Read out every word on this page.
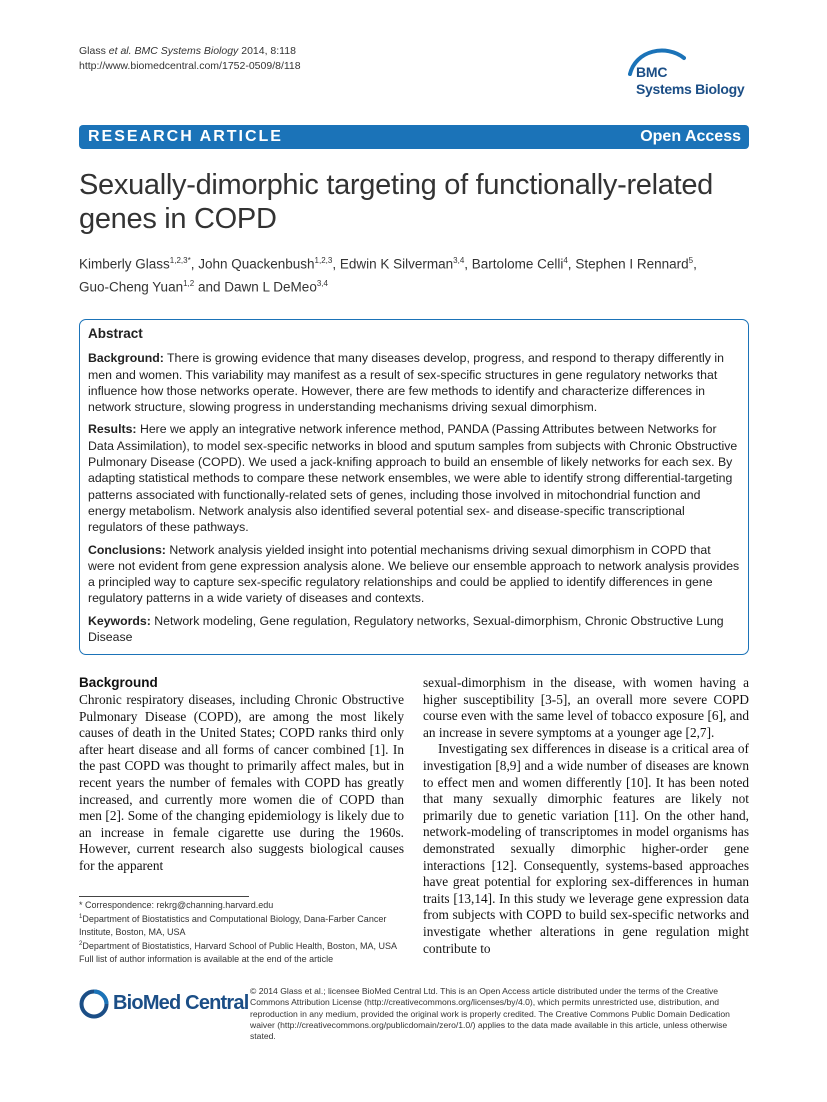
Glass et al. BMC Systems Biology 2014, 8:118
http://www.biomedcentral.com/1752-0509/8/118	BMC
Systems Biology
RESEARCH ARTICLE	Open Access
Sexually-dimorphic targeting of functionally-related genes in COPD
Kimberly Glass$^{1,2,3*}$, John Quackenbush$^{1,2,3}$, Edwin K Silverman$^{3,4}$, Bartolome Celli$^4$, Stephen I Rennard$^5$,
Guo-Cheng Yuan$^{1,2}$ and Dawn L DeMeo$^{3,4}$
Abstract

Background: There is growing evidence that many diseases develop, progress, and respond to therapy differently in men and women. This variability may manifest as a result of sex-specific structures in gene regulatory networks that influence how those networks operate. However, there are few methods to identify and characterize differences in network structure, slowing progress in understanding mechanisms driving sexual dimorphism.

Results: Here we apply an integrative network inference method, PANDA (Passing Attributes between Networks for Data Assimilation), to model sex-specific networks in blood and sputum samples from subjects with Chronic Obstructive Pulmonary Disease (COPD). We used a jack-knifing approach to build an ensemble of likely networks for each sex. By adapting statistical methods to compare these network ensembles, we were able to identify strong differential-targeting patterns associated with functionally-related sets of genes, including those involved in mitochondrial function and energy metabolism. Network analysis also identified several potential sex- and disease-specific transcriptional regulators of these pathways.

Conclusions: Network analysis yielded insight into potential mechanisms driving sexual dimorphism in COPD that were not evident from gene expression analysis alone. We believe our ensemble approach to network analysis provides a principled way to capture sex-specific regulatory relationships and could be applied to identify differences in gene regulatory patterns in a wide variety of diseases and contexts.

Keywords: Network modeling, Gene regulation, Regulatory networks, Sexual-dimorphism, Chronic Obstructive Lung Disease

Background

Chronic respiratory diseases, including Chronic Obstructive Pulmonary Disease (COPD), are among the most likely causes of death in the United States; COPD ranks third only after heart disease and all forms of cancer combined [1]. In the past COPD was thought to primarily affect males, but in recent years the number of females with COPD has greatly increased, and currently more women die of COPD than men [2]. Some of the changing epidemiology is likely due to an increase in female cigarette use during the 1960s. However, current research also suggests biological causes for the apparent

sexual-dimorphism in the disease, with women having a higher susceptibility [3-5], an overall more severe COPD course even with the same level of tobacco exposure [6], and an increase in severe symptoms at a younger age [2,7].

Investigating sex differences in disease is a critical area of investigation [8,9] and a wide number of diseases are known to effect men and women differently [10]. It has been noted that many sexually dimorphic features are likely not primarily due to genetic variation [11]. On the other hand, network-modeling of transcriptomes in model organisms has demonstrated sexually dimorphic higher-order gene interactions [12]. Consequently, systems-based approaches have great potential for exploring sex-differences in human traits [13,14]. In this study we leverage gene expression data from subjects with COPD to build sex-specific networks and investigate whether alterations in gene regulation might contribute to

* Correspondence: rekrg@channing.harvard.edu
$^1$Department of Biostatistics and Computational Biology, Dana-Farber Cancer Institute, Boston, MA, USA
$^2$Department of Biostatistics, Harvard School of Public Health, Boston, MA, USA
Full list of author information is available at the end of the article
BioMed Central
© 2014 Glass et al.; licensee BioMed Central Ltd. This is an Open Access article distributed under the terms of the Creative Commons Attribution License (http://creativecommons.org/licenses/by/4.0), which permits unrestricted use, distribution, and reproduction in any medium, provided the original work is properly credited. The Creative Commons Public Domain Dedication waiver (http://creativecommons.org/publicdomain/zero/1.0/) applies to the data made available in this article, unless otherwise stated.
